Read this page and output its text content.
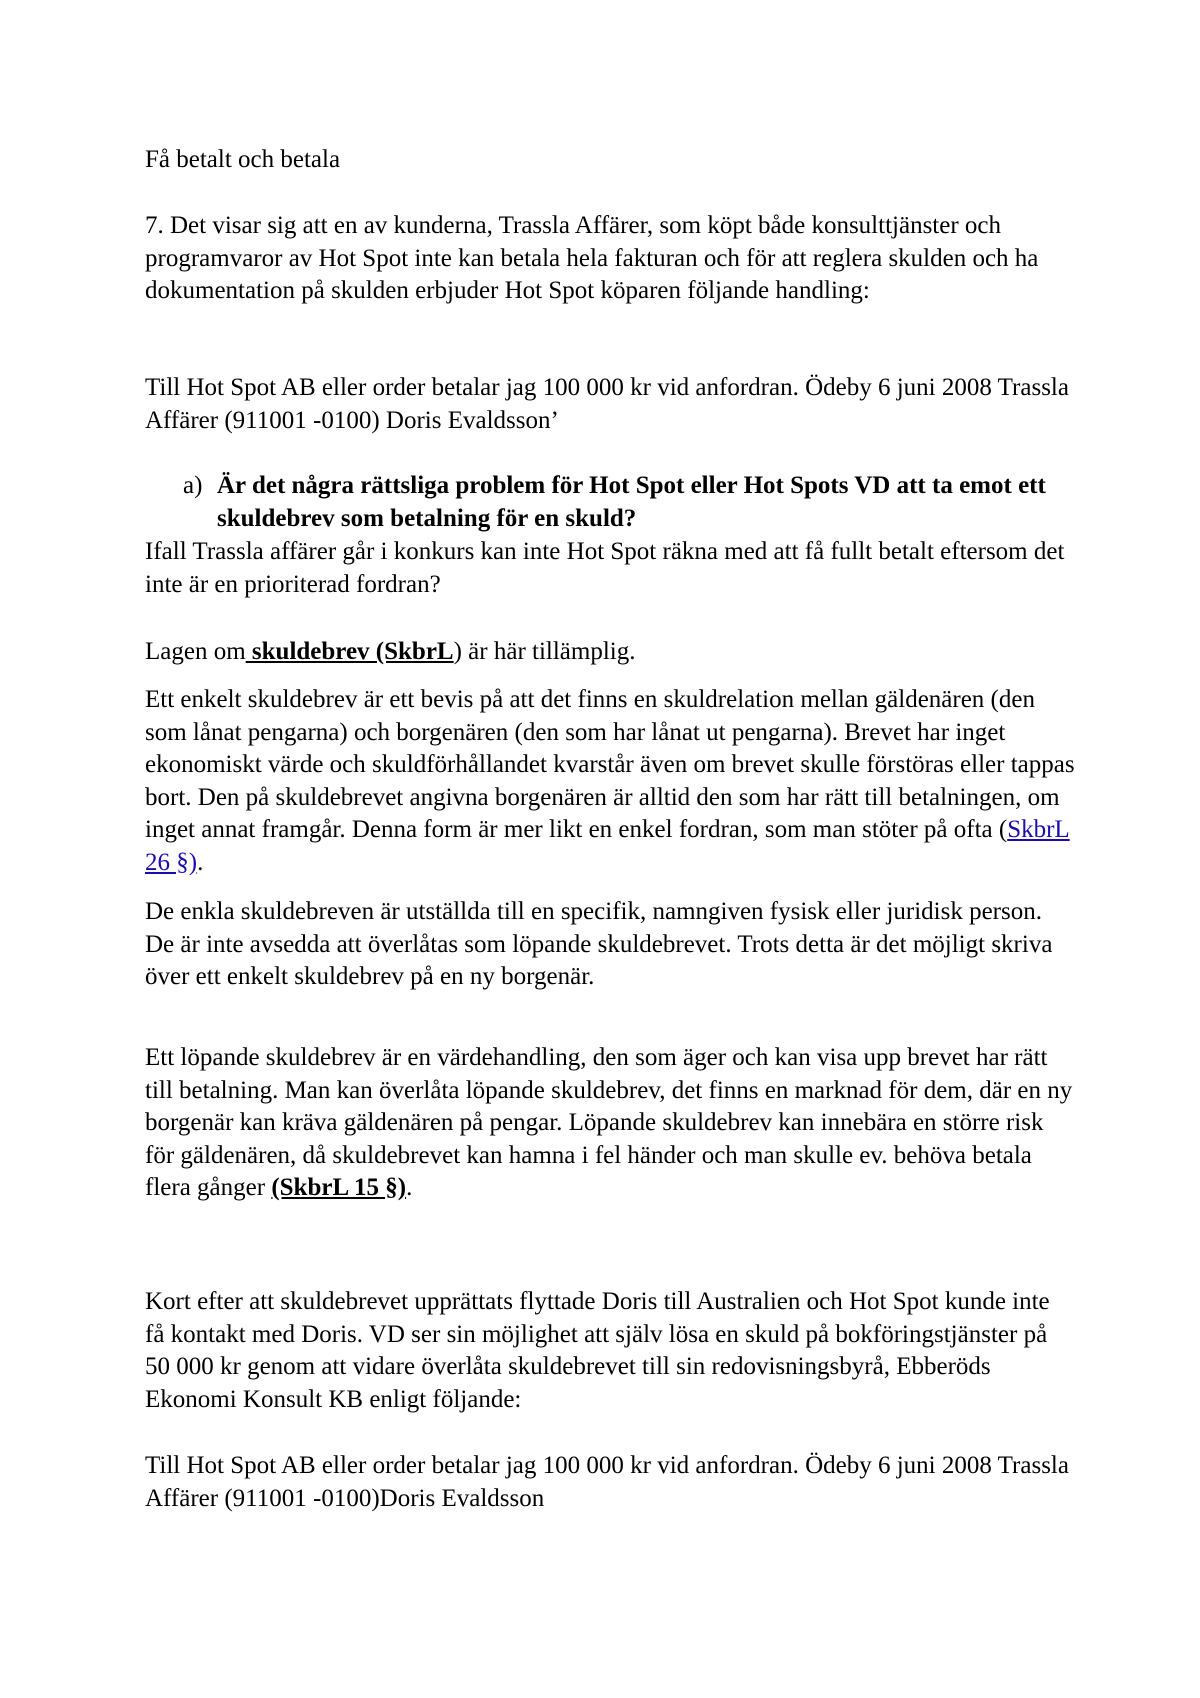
Få betalt och betala

7. Det visar sig att en av kunderna, Trassla Affärer, som köpt både konsulttjänster och programvaror av Hot Spot inte kan betala hela fakturan och för att reglera skulden och ha dokumentation på skulden erbjuder Hot Spot köparen följande handling:

Till Hot Spot AB eller order betalar jag 100 000 kr vid anfordran. Ödeby 6 juni 2008 Trassla Affärer (911001 -0100) Doris Evaldsson’

a) Är det några rättsliga problem för Hot Spot eller Hot Spots VD att ta emot ett skuldebrev som betalning för en skuld?

Ifall Trassla affärer går i konkurs kan inte Hot Spot räkna med att få fullt betalt eftersom det inte är en prioriterad fordran?

Lagen om skuldebrev (SkbrL) är här tillämplig.

Ett enkelt skuldebrev är ett bevis på att det finns en skuldrelation mellan gäldenären (den som lånat pengarna) och borgenären (den som har lånat ut pengarna). Brevet har inget ekonomiskt värde och skuldförhållandet kvarstår även om brevet skulle förstöras eller tappas bort. Den på skuldebrevet angivna borgenären är alltid den som har rätt till betalningen, om inget annat framgår. Denna form är mer likt en enkel fordran, som man stöter på ofta (SkbrL 26 §).

De enkla skuldebreven är utställda till en specifik, namngiven fysisk eller juridisk person. De är inte avsedda att överlåtas som löpande skuldebrevet. Trots detta är det möjligt skriva över ett enkelt skuldebrev på en ny borgenär.

Ett löpande skuldebrev är en värdehandling, den som äger och kan visa upp brevet har rätt till betalning. Man kan överlåta löpande skuldebrev, det finns en marknad för dem, där en ny borgenär kan kräva gäldenären på pengar. Löpande skuldebrev kan innebära en större risk för gäldenären, då skuldebrevet kan hamna i fel händer och man skulle ev. behöva betala flera gånger (SkbrL 15 §).

Kort efter att skuldebrevet upprättats flyttade Doris till Australien och Hot Spot kunde inte få kontakt med Doris. VD ser sin möjlighet att själv lösa en skuld på bokföringstjänster på 50 000 kr genom att vidare överlåta skuldebrevet till sin redovisningsbyrå, Ebberöds Ekonomi Konsult KB enligt följande:

Till Hot Spot AB eller order betalar jag 100 000 kr vid anfordran. Ödeby 6 juni 2008 Trassla Affärer (911001 -0100)Doris Evaldsson
